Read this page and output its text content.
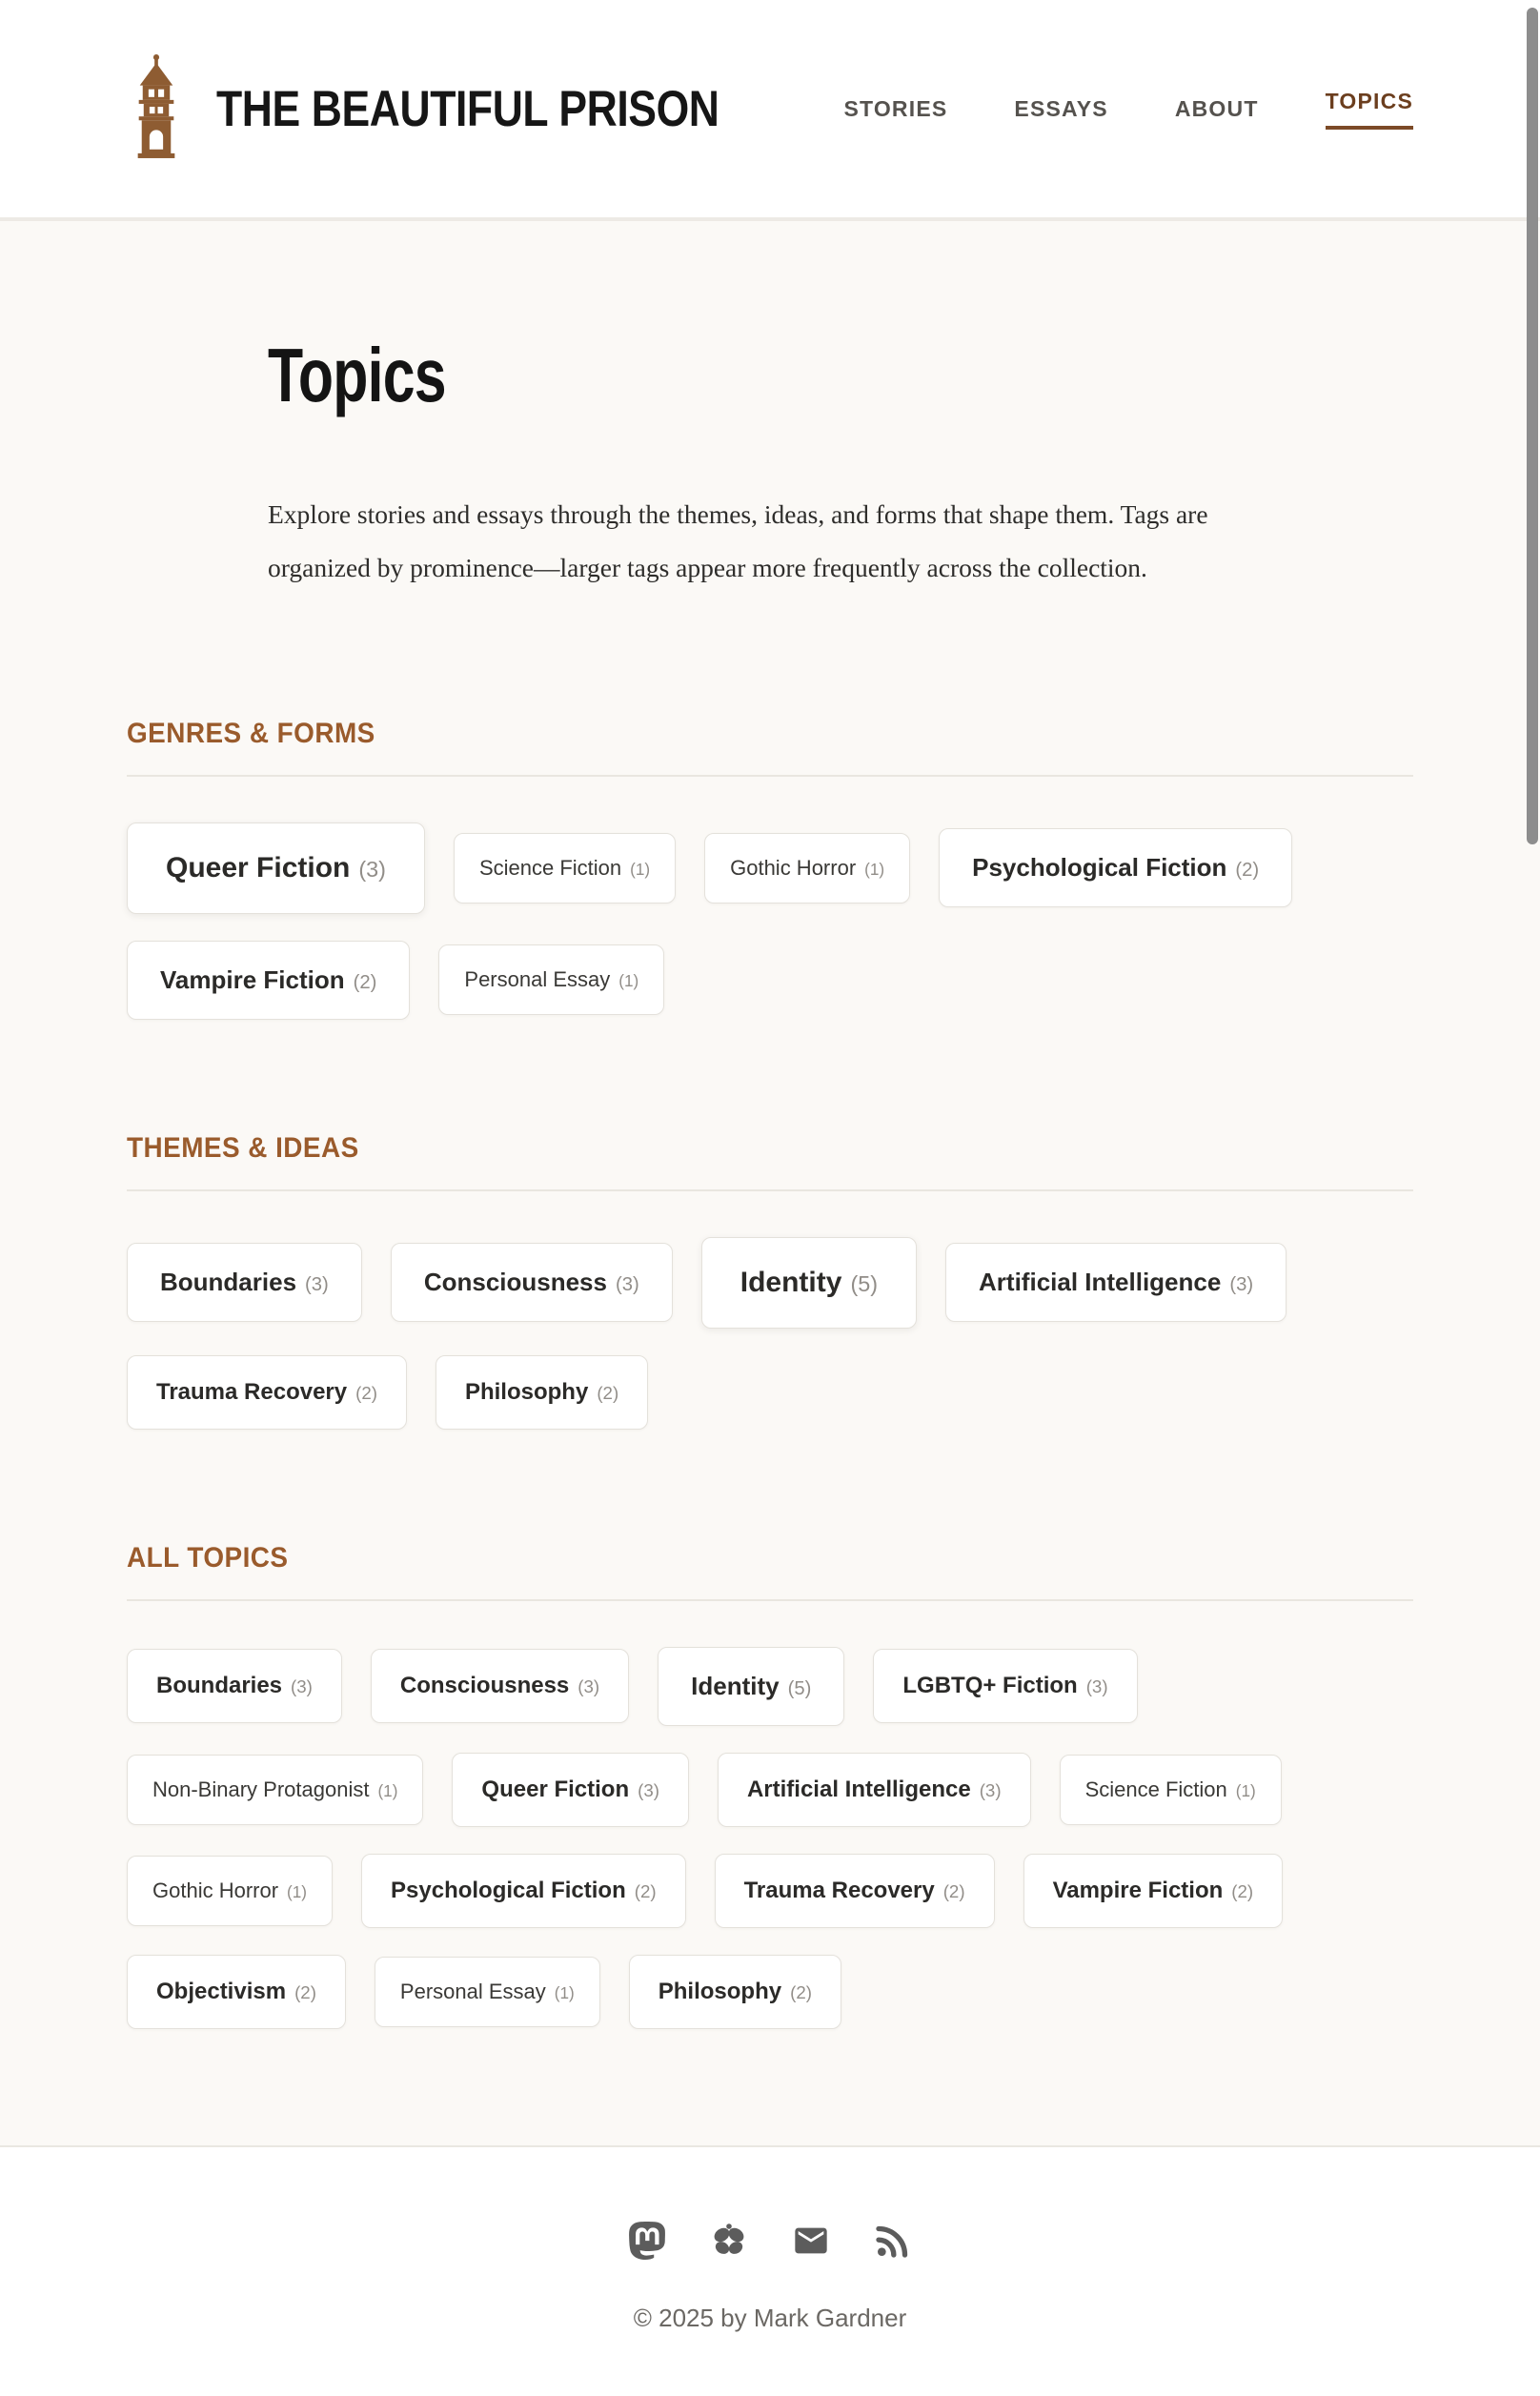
THE BEAUTIFUL PRISON	STORIES	ESSAYS	ABOUT	TOPICS
Topics

Explore stories and essays through the themes, ideas, and forms that shape them. Tags are organized by prominence—larger tags appear more frequently across the collection.

GENRES & FORMS
Queer Fiction (3)	Science Fiction (1)	Gothic Horror (1)	Psychological Fiction (2)
Vampire Fiction (2)	Personal Essay (1)
THEMES & IDEAS
Boundaries (3)	Consciousness (3)	Identity (5)	Artificial Intelligence (3)
Trauma Recovery (2)	Philosophy (2)
ALL TOPICS
Boundaries (3)	Consciousness (3)	Identity (5)	LGBTQ+ Fiction (3)
Non-Binary Protagonist (1)	Queer Fiction (3)	Artificial Intelligence (3)	Science Fiction (1)
Gothic Horror (1)	Psychological Fiction (2)	Trauma Recovery (2)	Vampire Fiction (2)
Objectivism (2)	Personal Essay (1)	Philosophy (2)

© 2025 by Mark Gardner
